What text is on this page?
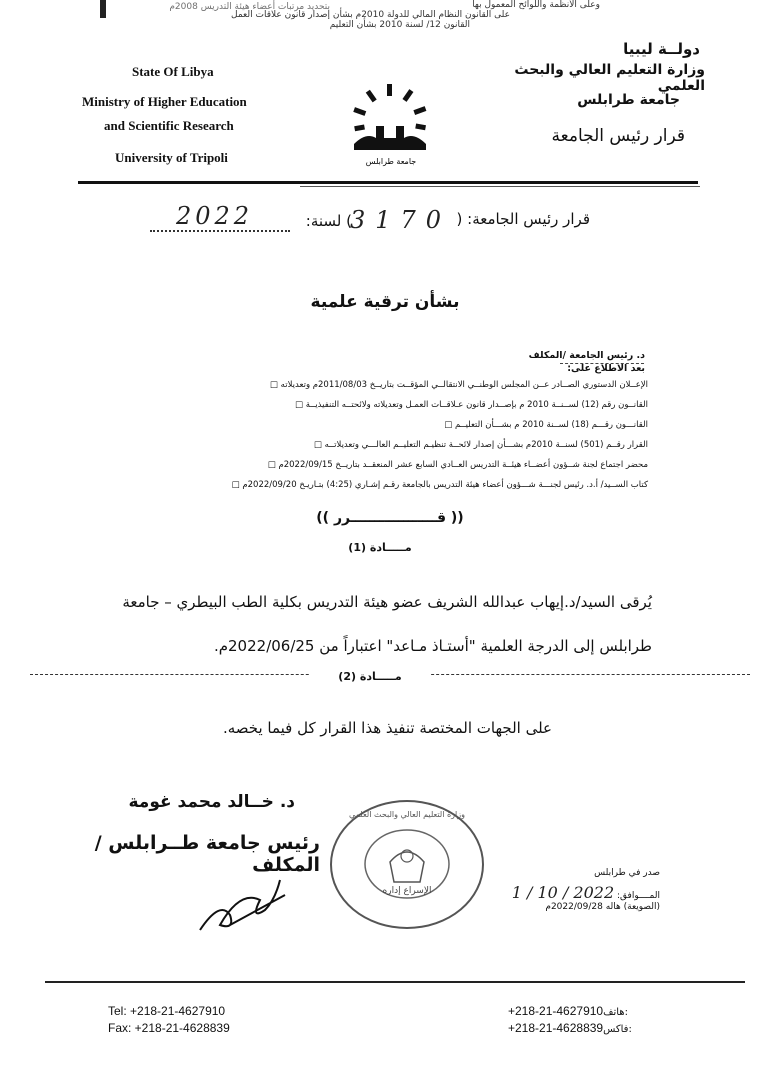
وعلى الأنظمة واللوائح المعمول بها
على القانون النظام المالي للدولة 2010م بشأن إصدار قانون علاقات العمل
القانون 12/ لسنة 2010 بشأن التعليم
بتحديد مرتبات أعضاء هيئة التدريس 2008م
State Of Libya
Ministry of Higher Education
and Scientific Research
University of Tripoli	جامعة طرابلس
دولــة ليبيا
وزارة التعليم العالي والبحث العلمي
جامعة طرابلس
قرار رئيس الجامعة
2022	) لسنة:
3170 قرار رئيس الجامعة: (
بشأن ترقية علمية
د. رئيس الجامعة /المكلف
بعد الاطلاع على:
الإعــلان الدستوري الصــادر عــن المجلس الوطنــي الانتقالــي المؤقــت بتاريــخ 2011/08/03م وتعديلاته □
القانــون رقم (12) لســنــة 2010 م بإصــدار قانون عـلاقــات العمـل وتعديلاته ولائحتــه التنفيذيــة □
القانـــون رقـــم (18) لســنة 2010 م بشـــأن التعليــم □
القرار رقــم (501) لسنــة 2010م بشـــأن إصدار لائحــة تنظيـم التعليــم العالـــي وتعديلاتــه □
محضر اجتماع لجنة شــؤون أعضــاء هيئــة التدريس العــادي السابع عشر المنعقــد بتاريــخ 2022/09/15م □
كتاب الســيد/ أ.د. رئيس لجنـــة شـــؤون أعضاء هيئة التدريس بالجامعة رقـم إشـاري (4:25) بتـاريـخ 2022/09/20م □
(( قــــــــــــــــــرر ))
مـــــادة (1)
يُرقى السيد/د.إيهاب عبدالله الشريف عضو هيئة التدريس بكلية الطب البيطري – جامعة
طرابلس إلى الدرجة العلمية "أستـاذ مـاعد" اعتباراً من 2022/06/25م.
مـــــادة (2)
على الجهات المختصة تنفيذ هذا القرار كل فيما يخصه.
د. خــالد محمد غومة
رئيس جامعة طــرابلس /المكلف
وزارة التعليم العالي والبحث العلمي
الإسراع إداره
صدر في طرابلس
المــــوافق: 2022 / 10 / 1
(الصويعة) هاله 2022/09/28م
Tel: +218-21-4627910
Fax: +218-21-4628839
+218-21-4627910هاتف:
+218-21-4628839فاكس:
